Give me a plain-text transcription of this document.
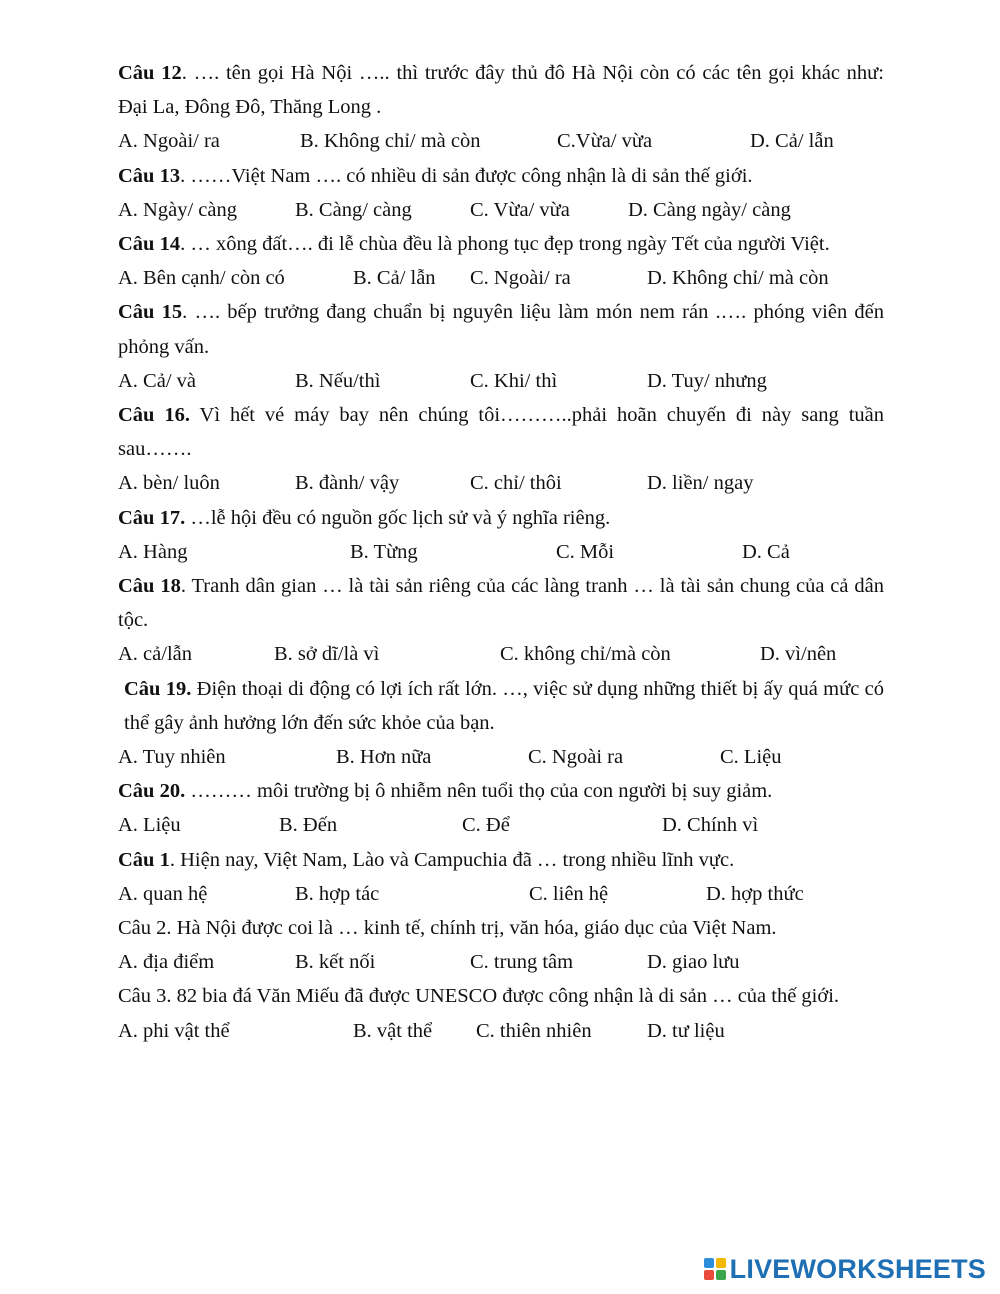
Câu 12. …. tên gọi Hà Nội ….. thì trước đây thủ đô Hà Nội còn có các tên gọi khác như: Đại La, Đông Đô, Thăng Long .

A. Ngoài/ ra	B. Không chỉ/ mà còn	C.Vừa/ vừa	D. Cả/ lẫn

Câu 13. ……Việt Nam …. có nhiều di sản được công nhận là di sản thế giới.

A. Ngày/ càng	B. Càng/ càng	C. Vừa/ vừa	D. Càng ngày/ càng

Câu 14. … xông đất…. đi lễ chùa đều là phong tục đẹp trong ngày Tết của người Việt.

A. Bên cạnh/ còn có	B. Cả/ lẫn C. Ngoài/ ra	D. Không chỉ/ mà còn

Câu 15. …. bếp trưởng đang chuẩn bị nguyên liệu làm món nem rán .…. phóng viên đến phỏng vấn.

A. Cả/ và	B. Nếu/thì	C. Khi/ thì	D. Tuy/ nhưng

Câu 16. Vì hết vé máy bay nên chúng tôi………..phải hoãn chuyến đi này sang tuần sau…….

A. bèn/ luôn	B. đành/ vậy	C. chỉ/ thôi	D. liền/ ngay

Câu 17. …lễ hội đều có nguồn gốc lịch sử và ý nghĩa riêng.

A. Hàng	B. Từng	C. Mỗi	D. Cả

Câu 18. Tranh dân gian … là tài sản riêng của các làng tranh … là tài sản chung của cả dân tộc.

A. cả/lẫn	B. sở dĩ/là vì	C. không chỉ/mà còn	D. vì/nên

Câu 19. Điện thoại di động có lợi ích rất lớn. …, việc sử dụng những thiết bị ấy quá mức có thể gây ảnh hưởng lớn đến sức khỏe của bạn.

A. Tuy nhiên	B. Hơn nữa	C. Ngoài ra	C. Liệu

Câu 20. ……… môi trường bị ô nhiễm nên tuổi thọ của con người bị suy giảm.

A. Liệu	B. Đến	C. Để	D. Chính vì

Câu 1. Hiện nay, Việt Nam, Lào và Campuchia đã … trong nhiều lĩnh vực.

A. quan hệ	B. hợp tác	C. liên hệ	D. hợp thức

Câu 2. Hà Nội được coi là … kinh tế, chính trị, văn hóa, giáo dục của Việt Nam.

A. địa điểm	B. kết nối	C. trung tâm	D. giao lưu

Câu 3. 82 bia đá Văn Miếu đã được UNESCO được công nhận là di sản … của thế giới.

A. phi vật thể	B. vật thể C. thiên nhiên	D. tư liệu
LIVEWORKSHEETS
